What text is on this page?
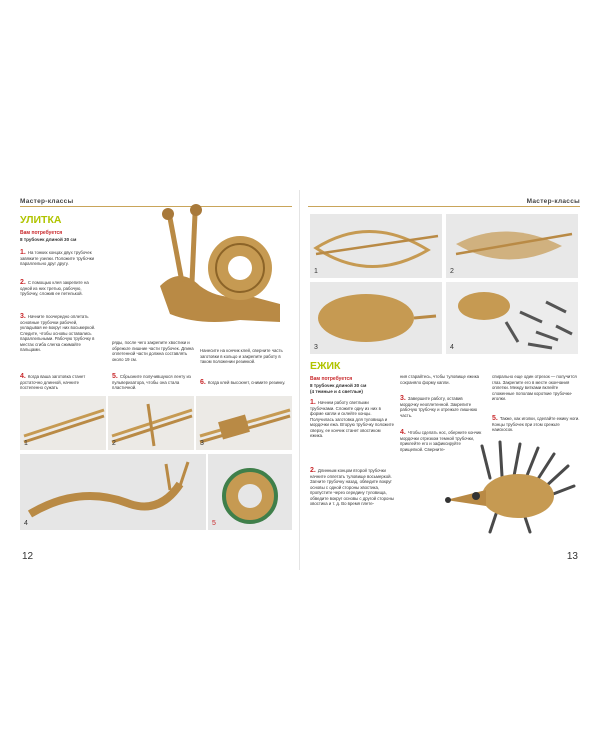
Мастер-классы
УЛИТКА
Вам потребуется
8 трубочек длиной 30 см
1. На тонких концах двух трубочек завяжите узелки. Положите трубочки параллельно друг другу.
2. С помощью клея закрепите на одной из них третью, рабочую, трубочку, сложив ее петелькой.
3. Начните поочередно оплетать основные трубочки рабочей, укладывая ее вокруг них восьмеркой. Следите, чтобы основы оставались параллельными. Рабочую трубочку в местах сгиба слегка сжимайте пальцами.
4. Когда ваша заготовка станет достаточно длинной, начните постепенно сужать
ряды, после чего закрепите хвостики и обрежьте лишние части трубочек. Длина оплетенной части должна составлять около 19 см.
5. Сбрызните получившуюся ленту из пульверизатора, чтобы она стала пластичной.
Нанесите на кончик клей, сверните часть заготовки в кольцо и закрепите работу в таком положении резинкой.
6. Когда клей высохнет, снимите резинку.
1	2	3
4	5
12
Мастер-классы
1	2
3	4
ЕЖИК
Вам потребуется
8 трубочек длиной 30 см
(4 темные и 4 светлые)
1. Начнем работу светлыми трубочками. Сложите одну из них в форме капли и склейте концы. Получилась заготовка для туловища и мордочки ежа. Вторую трубочку положите сверху, ее кончик станет хвостиком ежика.
2. Длинным концом второй трубочки начните оплетать туловище восьмеркой. Загните трубочку назад, обведите вокруг основы с одной стороны хвостика, пропустите через середину туловища, обведите вокруг основы с другой стороны хвостика и т. д. Во время плете-
ния старайтесь, чтобы туловище ежика сохраняло форму капли.
3. Завершите работу, оставив мордочку неоплетенной. Закрепите рабочую трубочку и отрежьте лишнюю часть.
4. Чтобы сделать нос, оберните кончик мордочки отрезком темной трубочки, приклейте его и зафиксируйте прищепкой. Сверните-
спирально еще один отрезок — получится глаз. Закрепите его в месте окончания оплетки. Между витками вклейте сложенные пополам короткие трубочки-иголки.
5. Также, как иголки, сделайте ежику ноги. Концы трубочек при этом срежьте наискосок.
13
